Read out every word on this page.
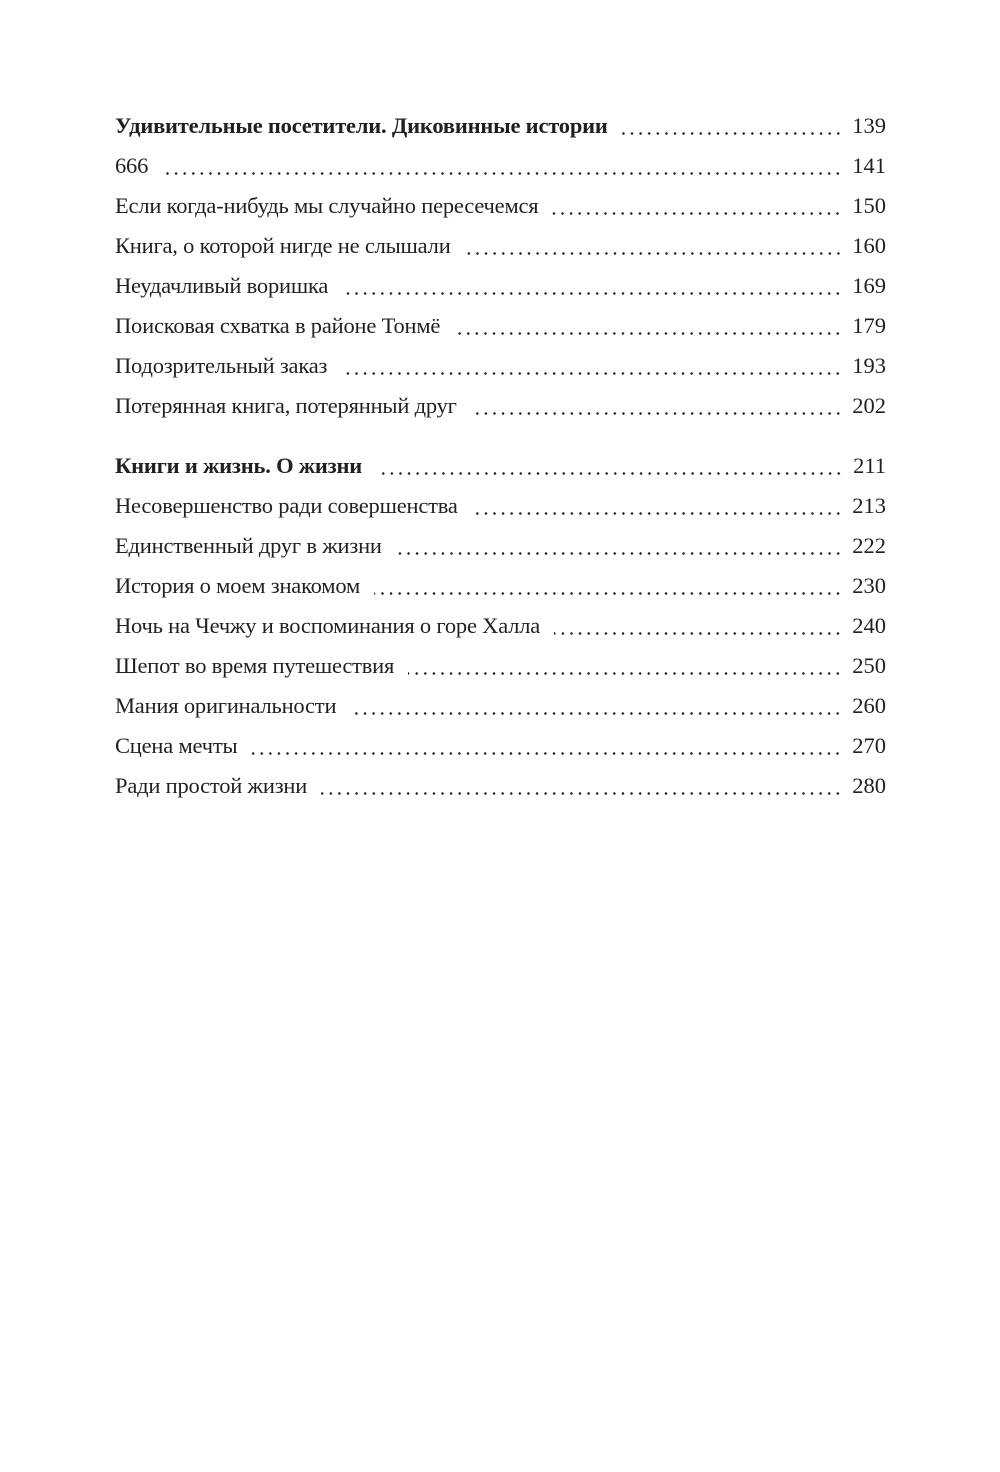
Удивительные посетители. Диковинные истории	139
666	141
Если когда-нибудь мы случайно пересечемся	150
Книга, о которой нигде не слышали	160
Неудачливый воришка	169
Поисковая схватка в районе Тонмё	179
Подозрительный заказ	193
Потерянная книга, потерянный друг	202
Книги и жизнь. О жизни	211
Несовершенство ради совершенства	213
Единственный друг в жизни	222
История о моем знакомом	230
Ночь на Чечжу и воспоминания о горе Халла	240
Шепот во время путешествия	250
Мания оригинальности	260
Сцена мечты	270
Ради простой жизни	280
